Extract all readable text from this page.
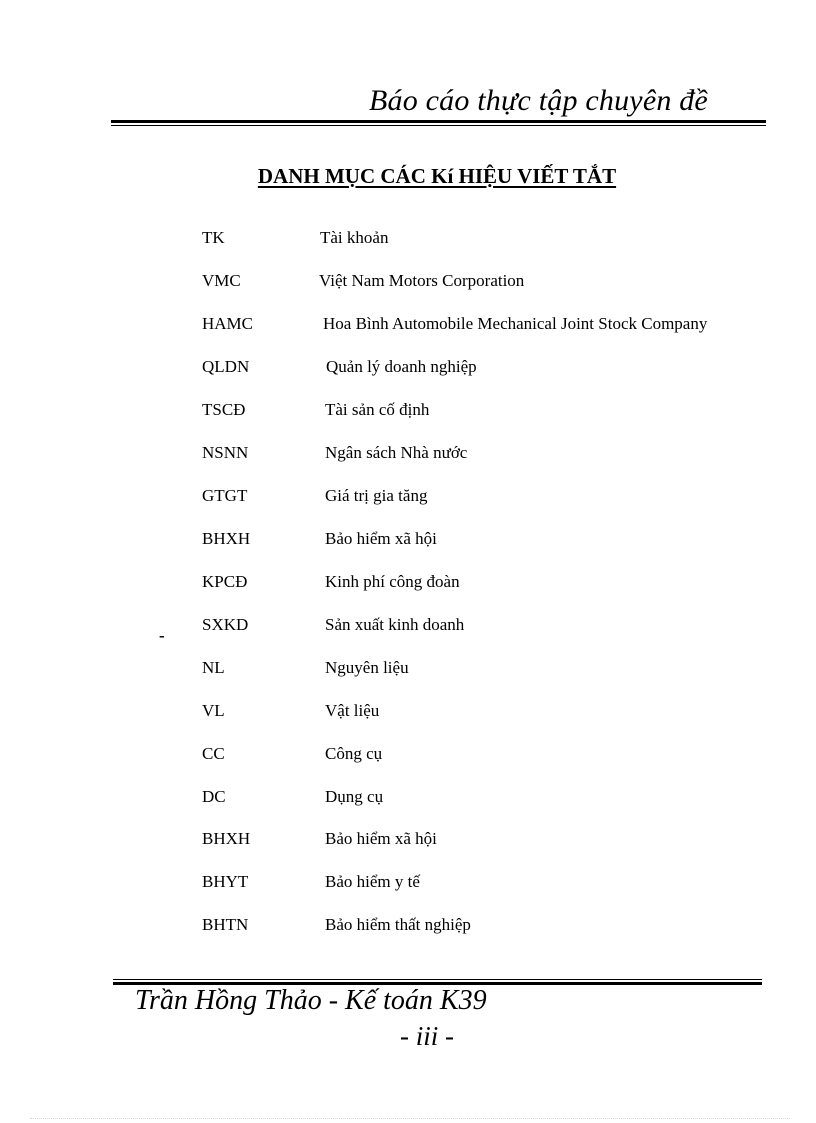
Báo cáo thực tập chuyên đề
DANH MỤC CÁC Kí HIỆU VIẾT TẮT
TK	Tài khoản
VMC	Việt Nam Motors Corporation
HAMC	Hoa Bình Automobile Mechanical Joint Stock Company
QLDN	Quản lý doanh nghiệp
TSCĐ	Tài sản cố định
NSNN	Ngân sách Nhà nước
GTGT	Giá trị gia tăng
BHXH	Bảo hiểm xã hội
KPCĐ	Kinh phí công đoàn
SXKD	Sản xuất kinh doanh
NL	Nguyên liệu
VL	Vật liệu
CC	Công cụ
DC	Dụng cụ
BHXH	Bảo hiểm xã hội
BHYT	Bảo hiểm y tế
BHTN	Bảo hiểm thất nghiệp
-
Trần Hồng Thảo - Kế toán K39
- iii -
